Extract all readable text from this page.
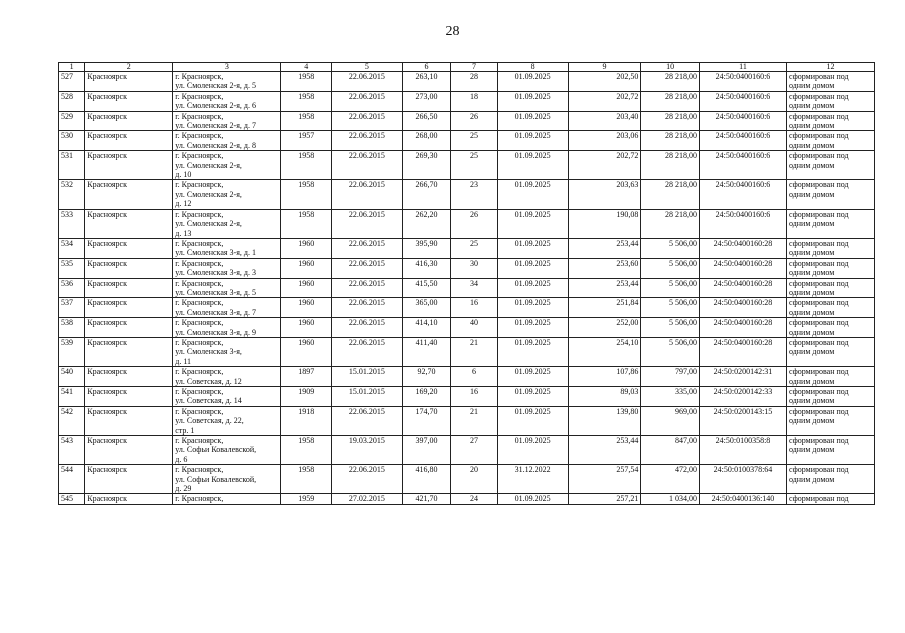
28
1	2	3	4	5	6	7	8	9	10	11	12
527	Красноярск	г. Красноярск,
ул. Смоленская 2-я, д. 5	1958	22.06.2015	263,10	28	01.09.2025	202,50	28 218,00	24:50:0400160:6	сформирован под
одним домом

528	Красноярск	г. Красноярск,
ул. Смоленская 2-я, д. 6	1958	22.06.2015	273,00	18	01.09.2025	202,72	28 218,00	24:50:0400160:6	сформирован под
одним домом

529	Красноярск	г. Красноярск,
ул. Смоленская 2-я, д. 7	1958	22.06.2015	266,50	26	01.09.2025	203,40	28 218,00	24:50:0400160:6	сформирован под
одним домом

530	Красноярск	г. Красноярск,
ул. Смоленская 2-я, д. 8	1957	22.06.2015	268,00	25	01.09.2025	203,06	28 218,00	24:50:0400160:6	сформирован под
одним домом

531	Красноярск	г. Красноярск,
ул. Смоленская 2-я,
д. 10	1958	22.06.2015	269,30	25	01.09.2025	202,72	28 218,00	24:50:0400160:6	сформирован под
одним домом

532	Красноярск	г. Красноярск,
ул. Смоленская 2-я,
д. 12	1958	22.06.2015	266,70	23	01.09.2025	203,63	28 218,00	24:50:0400160:6	сформирован под
одним домом

533	Красноярск	г. Красноярск,
ул. Смоленская 2-я,
д. 13	1958	22.06.2015	262,20	26	01.09.2025	190,08	28 218,00	24:50:0400160:6	сформирован под
одним домом

534	Красноярск	г. Красноярск,
ул. Смоленская 3-я, д. 1	1960	22.06.2015	395,90	25	01.09.2025	253,44	5 506,00	24:50:0400160:28	сформирован под
одним домом

535	Красноярск	г. Красноярск,
ул. Смоленская 3-я, д. 3	1960	22.06.2015	416,30	30	01.09.2025	253,60	5 506,00	24:50:0400160:28	сформирован под
одним домом

536	Красноярск	г. Красноярск,
ул. Смоленская 3-я, д. 5	1960	22.06.2015	415,50	34	01.09.2025	253,44	5 506,00	24:50:0400160:28	сформирован под
одним домом

537	Красноярск	г. Красноярск,
ул. Смоленская 3-я, д. 7	1960	22.06.2015	365,00	16	01.09.2025	251,84	5 506,00	24:50:0400160:28	сформирован под
одним домом

538	Красноярск	г. Красноярск,
ул. Смоленская 3-я, д. 9	1960	22.06.2015	414,10	40	01.09.2025	252,00	5 506,00	24:50:0400160:28	сформирован под
одним домом

539	Красноярск	г. Красноярск,
ул. Смоленская 3-я,
д. 11	1960	22.06.2015	411,40	21	01.09.2025	254,10	5 506,00	24:50:0400160:28	сформирован под
одним домом

540	Красноярск	г. Красноярск,
ул. Советская, д. 12	1897	15.01.2015	92,70	6	01.09.2025	107,86	797,00	24:50:0200142:31	сформирован под
одним домом

541	Красноярск	г. Красноярск,
ул. Советская, д. 14	1909	15.01.2015	169,20	16	01.09.2025	89,03	335,00	24:50:0200142:33	сформирован под
одним домом

542	Красноярск	г. Красноярск,
ул. Советская, д. 22,
стр. 1	1918	22.06.2015	174,70	21	01.09.2025	139,80	969,00	24:50:0200143:15	сформирован под
одним домом

543	Красноярск	г. Красноярск,
ул. Софьи Ковалевской,
д. 6	1958	19.03.2015	397,00	27	01.09.2025	253,44	847,00	24:50:0100358:8	сформирован под
одним домом

544	Красноярск	г. Красноярск,
ул. Софьи Ковалевской,
д. 29	1958	22.06.2015	416,80	20	31.12.2022	257,54	472,00	24:50:0100378:64	сформирован под
одним домом

545	Красноярск	г. Красноярск,	1959	27.02.2015	421,70	24	01.09.2025	257,21	1 034,00	24:50:0400136:140	сформирован под
